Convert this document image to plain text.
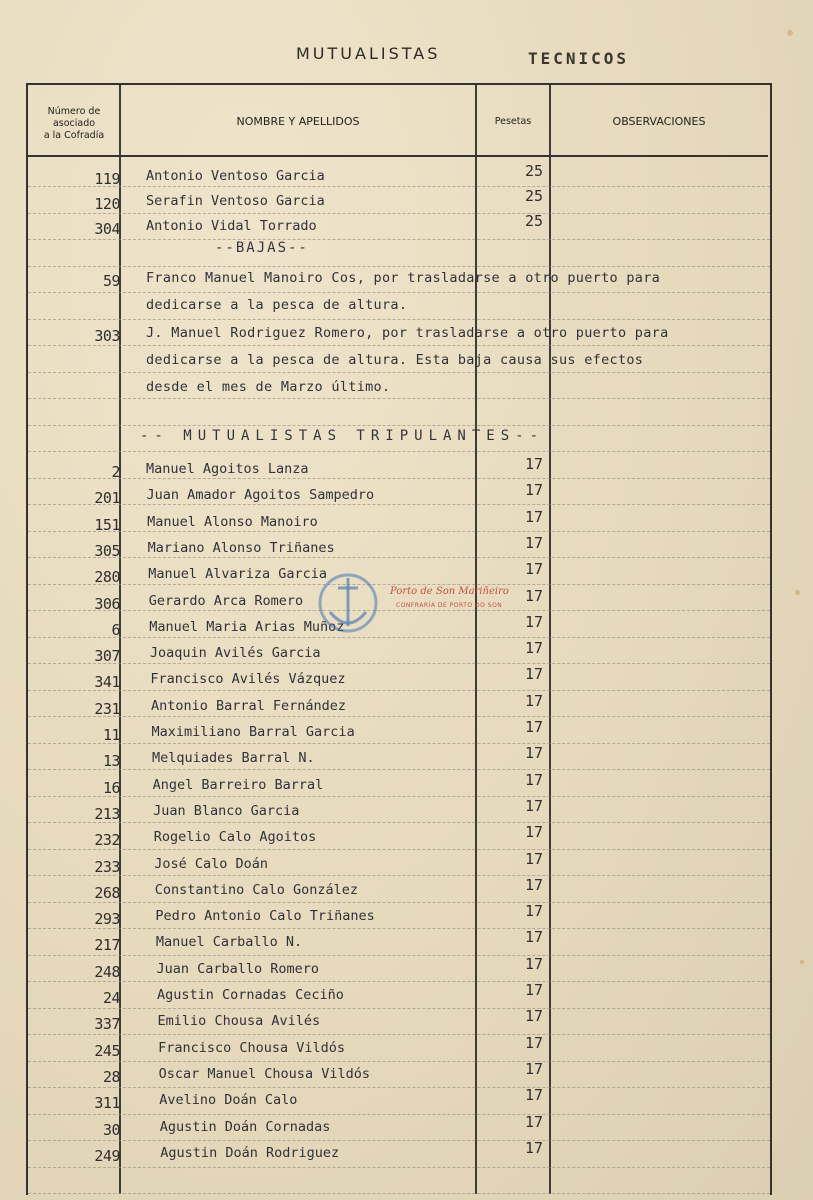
MUTUALISTAS	TECNICOS
Número de
asociado
a la Cofradía
NOMBRE Y APELLIDOS	Pesetas	OBSERVACIONES
119 Antonio Ventoso Garcia	25
120 Serafin Ventoso Garcia	25
304 Antonio Vidal Torrado	25
--BAJAS--
59 Franco Manuel Manoiro Cos, por trasladarse a otro puerto para
dedicarse a la pesca de altura.
303 J. Manuel Rodriguez Romero, por trasladarse a otro puerto para
dedicarse a la pesca de altura. Esta baja causa sus efectos
desde el mes de Marzo último.
-- MUTUALISTAS TRIPULANTES--
2 Manuel Agoitos Lanza	17
201 Juan Amador Agoitos Sampedro	17
151 Manuel Alonso Manoiro	17
305 Mariano Alonso Triñanes	17
280 Manuel Alvariza Garcia	17
306 Gerardo Arca Romero	17
6 Manuel Maria Arias Muñoz	17
307 Joaquin Avilés Garcia	17
341 Francisco Avilés Vázquez	17
231 Antonio Barral Fernández	17
11 Maximiliano Barral Garcia	17
13 Melquiades Barral N.	17
16 Angel Barreiro Barral	17
213 Juan Blanco Garcia	17
232 Rogelio Calo Agoitos	17
233	José Calo Doán	17
268	Constantino Calo González	17
293	Pedro Antonio Calo Triñanes	17
217	Manuel Carballo N.	17
248	Juan Carballo Romero	17
24	Agustin Cornadas Ceciño	17
337	Emilio Chousa Avilés	17
245	Francisco Chousa Vildós	17
28	Oscar Manuel Chousa Vildós	17
311	Avelino Doán Calo	17
30	Agustin Doán Cornadas	17
249	Agustin Doán Rodriguez	17
Porto de Son Mariñeiro
CONFRARÍA DE PORTO DO SON
